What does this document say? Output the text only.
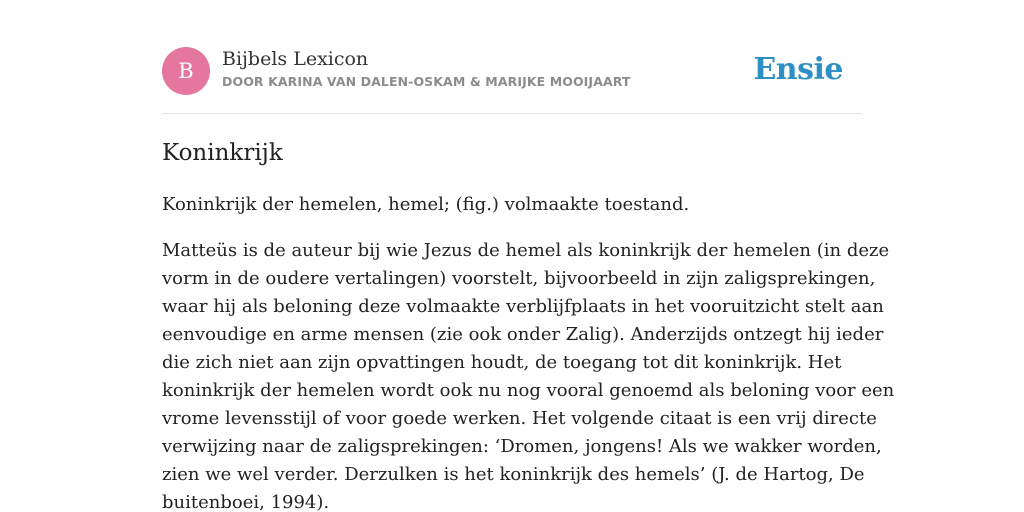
B	Bijbels Lexicon
DOOR KARINA VAN DALEN-OSKAM & MARIJKE MOOIJAART	Ensie
Koninkrijk

Koninkrijk der hemelen, hemel; (fig.) volmaakte toestand.

Matteüs is de auteur bij wie Jezus de hemel als koninkrijk der hemelen (in deze
vorm in de oudere vertalingen) voorstelt, bijvoorbeeld in zijn zaligsprekingen,
waar hij als beloning deze volmaakte verblijfplaats in het vooruitzicht stelt aan
eenvoudige en arme mensen (zie ook onder Zalig). Anderzijds ontzegt hij ieder
die zich niet aan zijn opvattingen houdt, de toegang tot dit koninkrijk. Het
koninkrijk der hemelen wordt ook nu nog vooral genoemd als beloning voor een
vrome levensstijl of voor goede werken. Het volgende citaat is een vrij directe
verwijzing naar de zaligsprekingen: ‘Dromen, jongens! Als we wakker worden,
zien we wel verder. Derzulken is het koninkrijk des hemels’ (J. de Hartog, De
buitenboei, 1994).
